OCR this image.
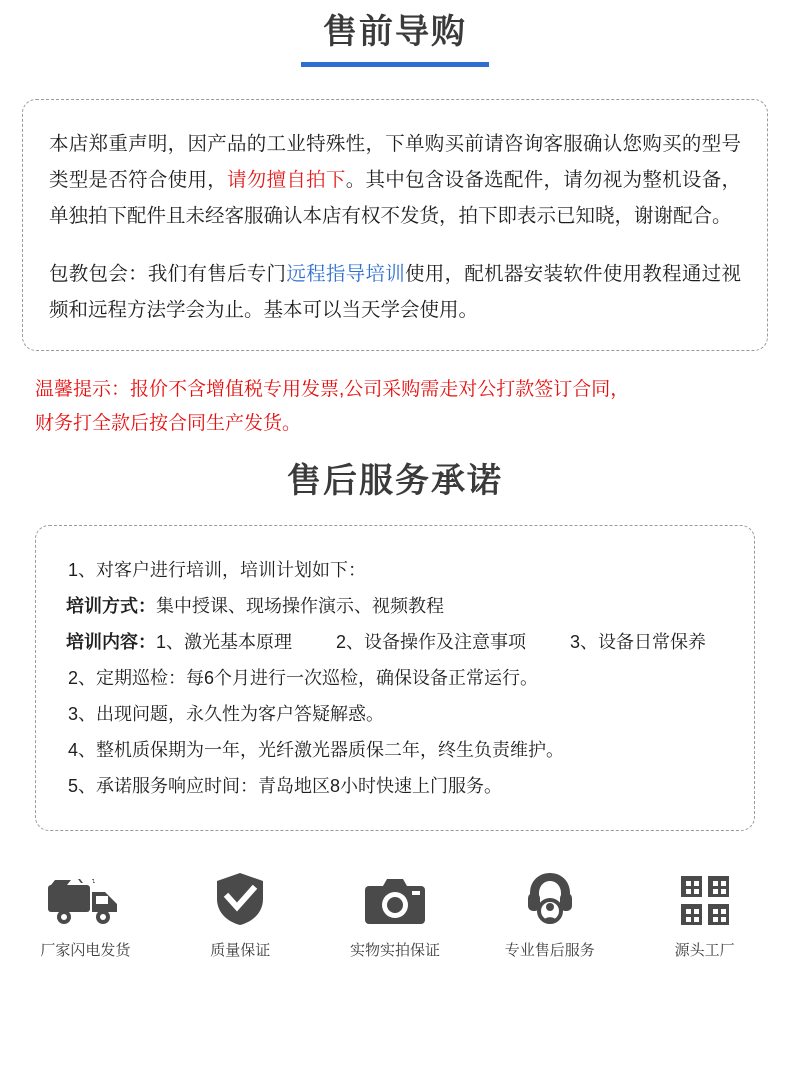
售前导购

本店郑重声明，因产品的工业特殊性，下单购买前请咨询客服确认您购买的型号类型是否符合使用，请勿擅自拍下。其中包含设备选配件，请勿视为整机设备，单独拍下配件且未经客服确认本店有权不发货，拍下即表示已知晓，谢谢配合。

包教包会：我们有售后专门远程指导培训使用，配机器安装软件使用教程通过视频和远程方法学会为止。基本可以当天学会使用。

温馨提示：报价不含增值税专用发票,公司采购需走对公打款签订合同，
财务打全款后按合同生产发货。
售后服务承诺
1、对客户进行培训，培训计划如下：
培训方式：集中授课、现场操作演示、视频教程
培训内容：1、激光基本原理 2、设备操作及注意事项 3、设备日常保养
2、定期巡检：每6个月进行一次巡检，确保设备正常运行。
3、出现问题，永久性为客户答疑解惑。
4、整机质保期为一年，光纤激光器质保二年，终生负责维护。
5、承诺服务响应时间：青岛地区8小时快速上门服务。
厂家闪电发货	质量保证	实物实拍保证	专业售后服务	源头工厂
